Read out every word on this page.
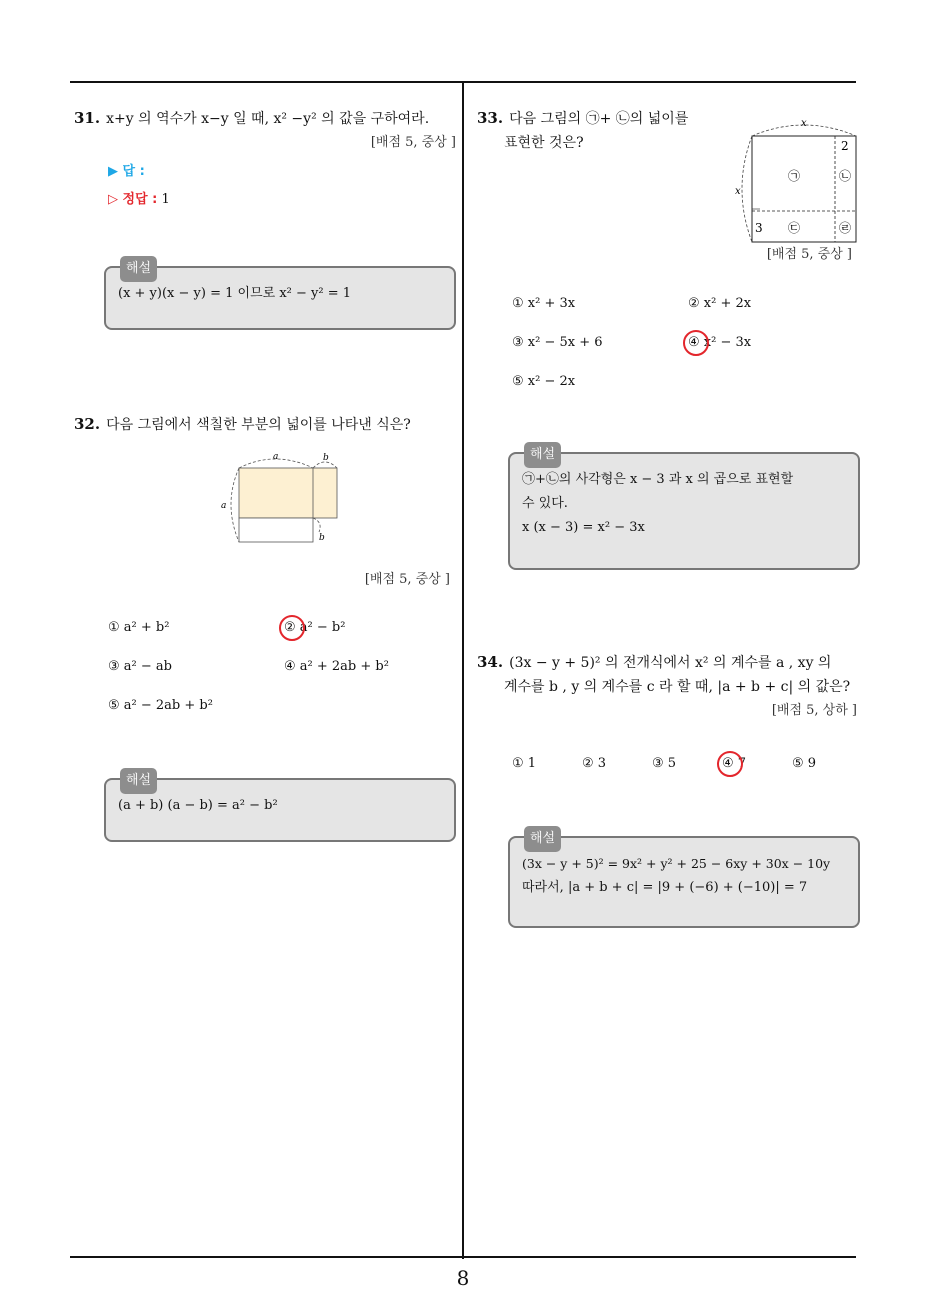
31. x+y 의 역수가 x−y 일 때, x² −y² 의 값을 구하여라.
[배점 5, 중상 ]
▶ 답 :
▷ 정답 : 1
해설
(x + y)(x − y) = 1 이므로 x² − y² = 1
32. 다음 그림에서 색칠한 부분의 넓이를 나타낸 식은?
a	b
a
b
[배점 5, 중상 ]
① a² + b²	② a² − b²
③ a² − ab	④ a² + 2ab + b²
⑤ a² − 2ab + b²
해설
(a + b) (a − b) = a² − b²
33. 다음 그림의 ㉠+ ㉡의 넓이를
표현한 것은?
x
x
2
3
㉠	㉡
㉢	㉣
[배점 5, 중상 ]
① x² + 3x	② x² + 2x
③ x² − 5x + 6	④ x² − 3x
⑤ x² − 2x
해설
㉠+㉡의 사각형은 x − 3 과 x 의 곱으로 표현할
수 있다.
x (x − 3) = x² − 3x
34. (3x − y + 5)² 의 전개식에서 x² 의 계수를 a , xy 의
계수를 b , y 의 계수를 c 라 할 때, |a + b + c| 의 값은?
[배점 5, 상하 ]
① 1	② 3	③ 5	④ 7	⑤ 9
해설
(3x − y + 5)² = 9x² + y² + 25 − 6xy + 30x − 10y
따라서, |a + b + c| = |9 + (−6) + (−10)| = 7
8
